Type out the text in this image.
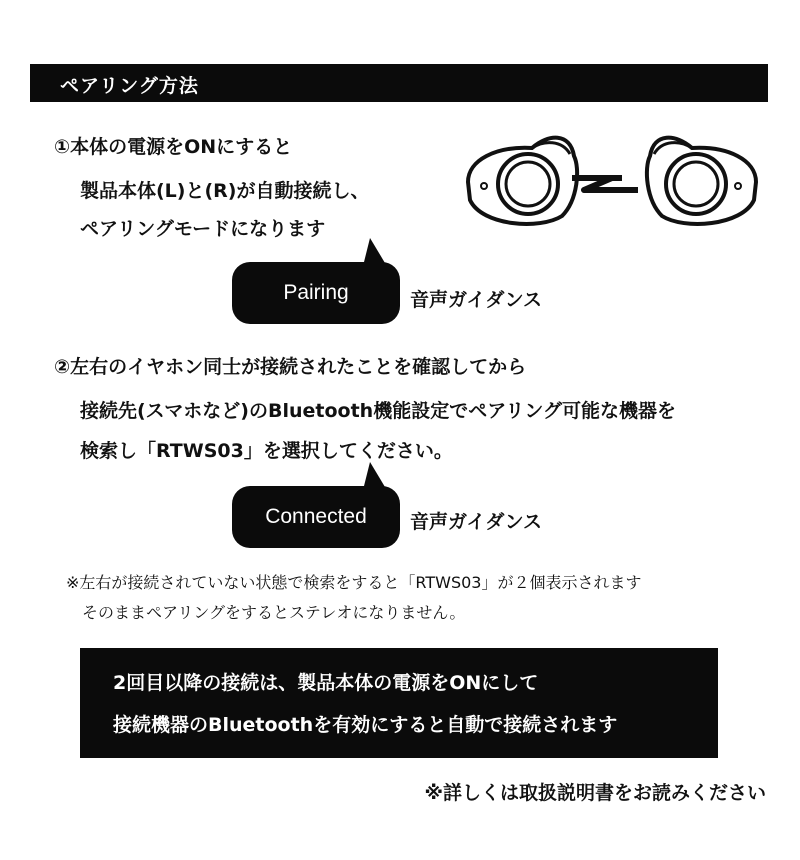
ペアリング方法
①本体の電源をONにすると
製品本体(L)と(R)が自動接続し、
ペアリングモードになります
Pairing	音声ガイダンス
②左右のイヤホン同士が接続されたことを確認してから
接続先(スマホなど)のBluetooth機能設定でペアリング可能な機器を
検索し「RTWS03」を選択してください。
Connected 音声ガイダンス
※左右が接続されていない状態で検索をすると「RTWS03」が２個表示されます
そのままペアリングをするとステレオになりません。
2回目以降の接続は、製品本体の電源をONにして
接続機器のBluetoothを有効にすると自動で接続されます
※詳しくは取扱説明書をお読みください
